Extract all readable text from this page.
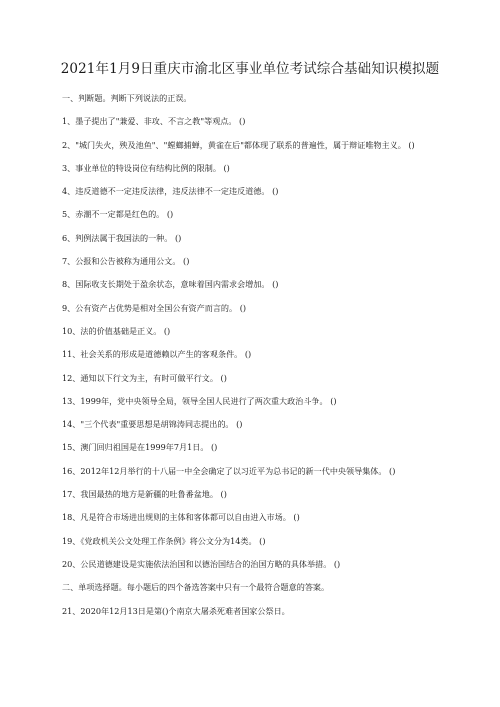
2021年1月9日重庆市渝北区事业单位考试综合基础知识模拟题
一、判断题。判断下列说法的正误。
1、墨子提出了"兼爱、非攻、不言之教"等观点。 ()
2、"城门失火，殃及池鱼"、"螳螂捕蝉，黄雀在后"都体现了联系的普遍性，属于辩证唯物主义。 ()
3、事业单位的特设岗位有结构比例的限制。 ()
4、违反道德不一定违反法律，违反法律不一定违反道德。 ()
5、赤潮不一定都是红色的。 ()
6、判例法属于我国法的一种。 ()
7、公报和公告被称为通用公文。 ()
8、国际收支长期处于盈余状态，意味着国内需求会增加。 ()
9、公有资产占优势是相对全国公有资产而言的。 ()
10、法的价值基础是正义。 ()
11、社会关系的形成是道德赖以产生的客观条件。 ()
12、通知以下行文为主，有时可做平行文。 ()
13、1999年，党中央领导全局，领导全国人民进行了两次重大政治斗争。 ()
14、"三个代表"重要思想是胡锦涛同志提出的。 ()
15、澳门回归祖国是在1999年7月1日。 ()
16、2012年12月举行的十八届一中全会确定了以习近平为总书记的新一代中央领导集体。 ()
17、我国最热的地方是新疆的吐鲁番盆地。 ()
18、凡是符合市场进出规则的主体和客体都可以自由进入市场。 ()
19、《党政机关公文处理工作条例》将公文分为14类。 ()
20、公民道德建设是实施依法治国和以德治国结合的治国方略的具体举措。 ()
二、单项选择题。每小题后的四个备选答案中只有一个最符合题意的答案。
21、2020年12月13日是第()个南京大屠杀死难者国家公祭日。
